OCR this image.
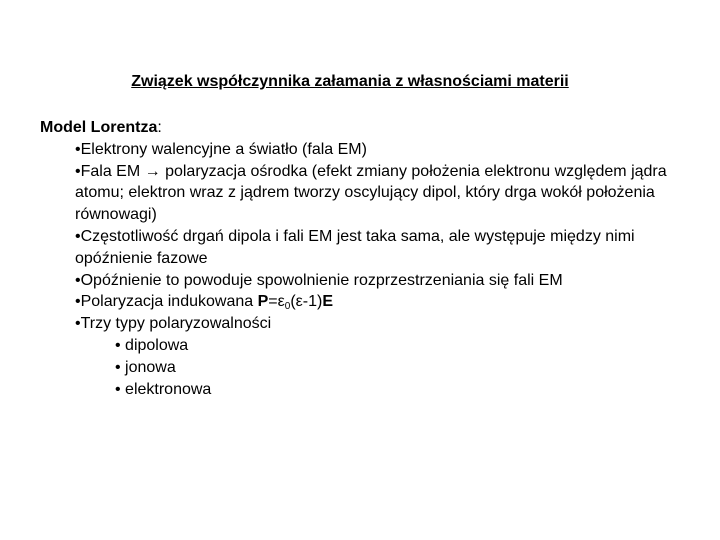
Związek współczynnika załamania z własnościami materii

Model Lorentza:

•Elektrony walencyjne a światło (fala EM)

•Fala EM → polaryzacja ośrodka (efekt zmiany położenia elektronu względem jądra atomu; elektron wraz z jądrem tworzy oscylujący dipol, który drga wokół położenia równowagi)

•Częstotliwość drgań dipola i fali EM jest taka sama, ale występuje między nimi opóźnienie fazowe

•Opóźnienie to powoduje spowolnienie rozprzestrzeniania się fali EM

•Polaryzacja indukowana $P=\varepsilon_0(\varepsilon-1)E$

•Trzy typy polaryzowalności

• dipolowa

• jonowa

• elektronowa
